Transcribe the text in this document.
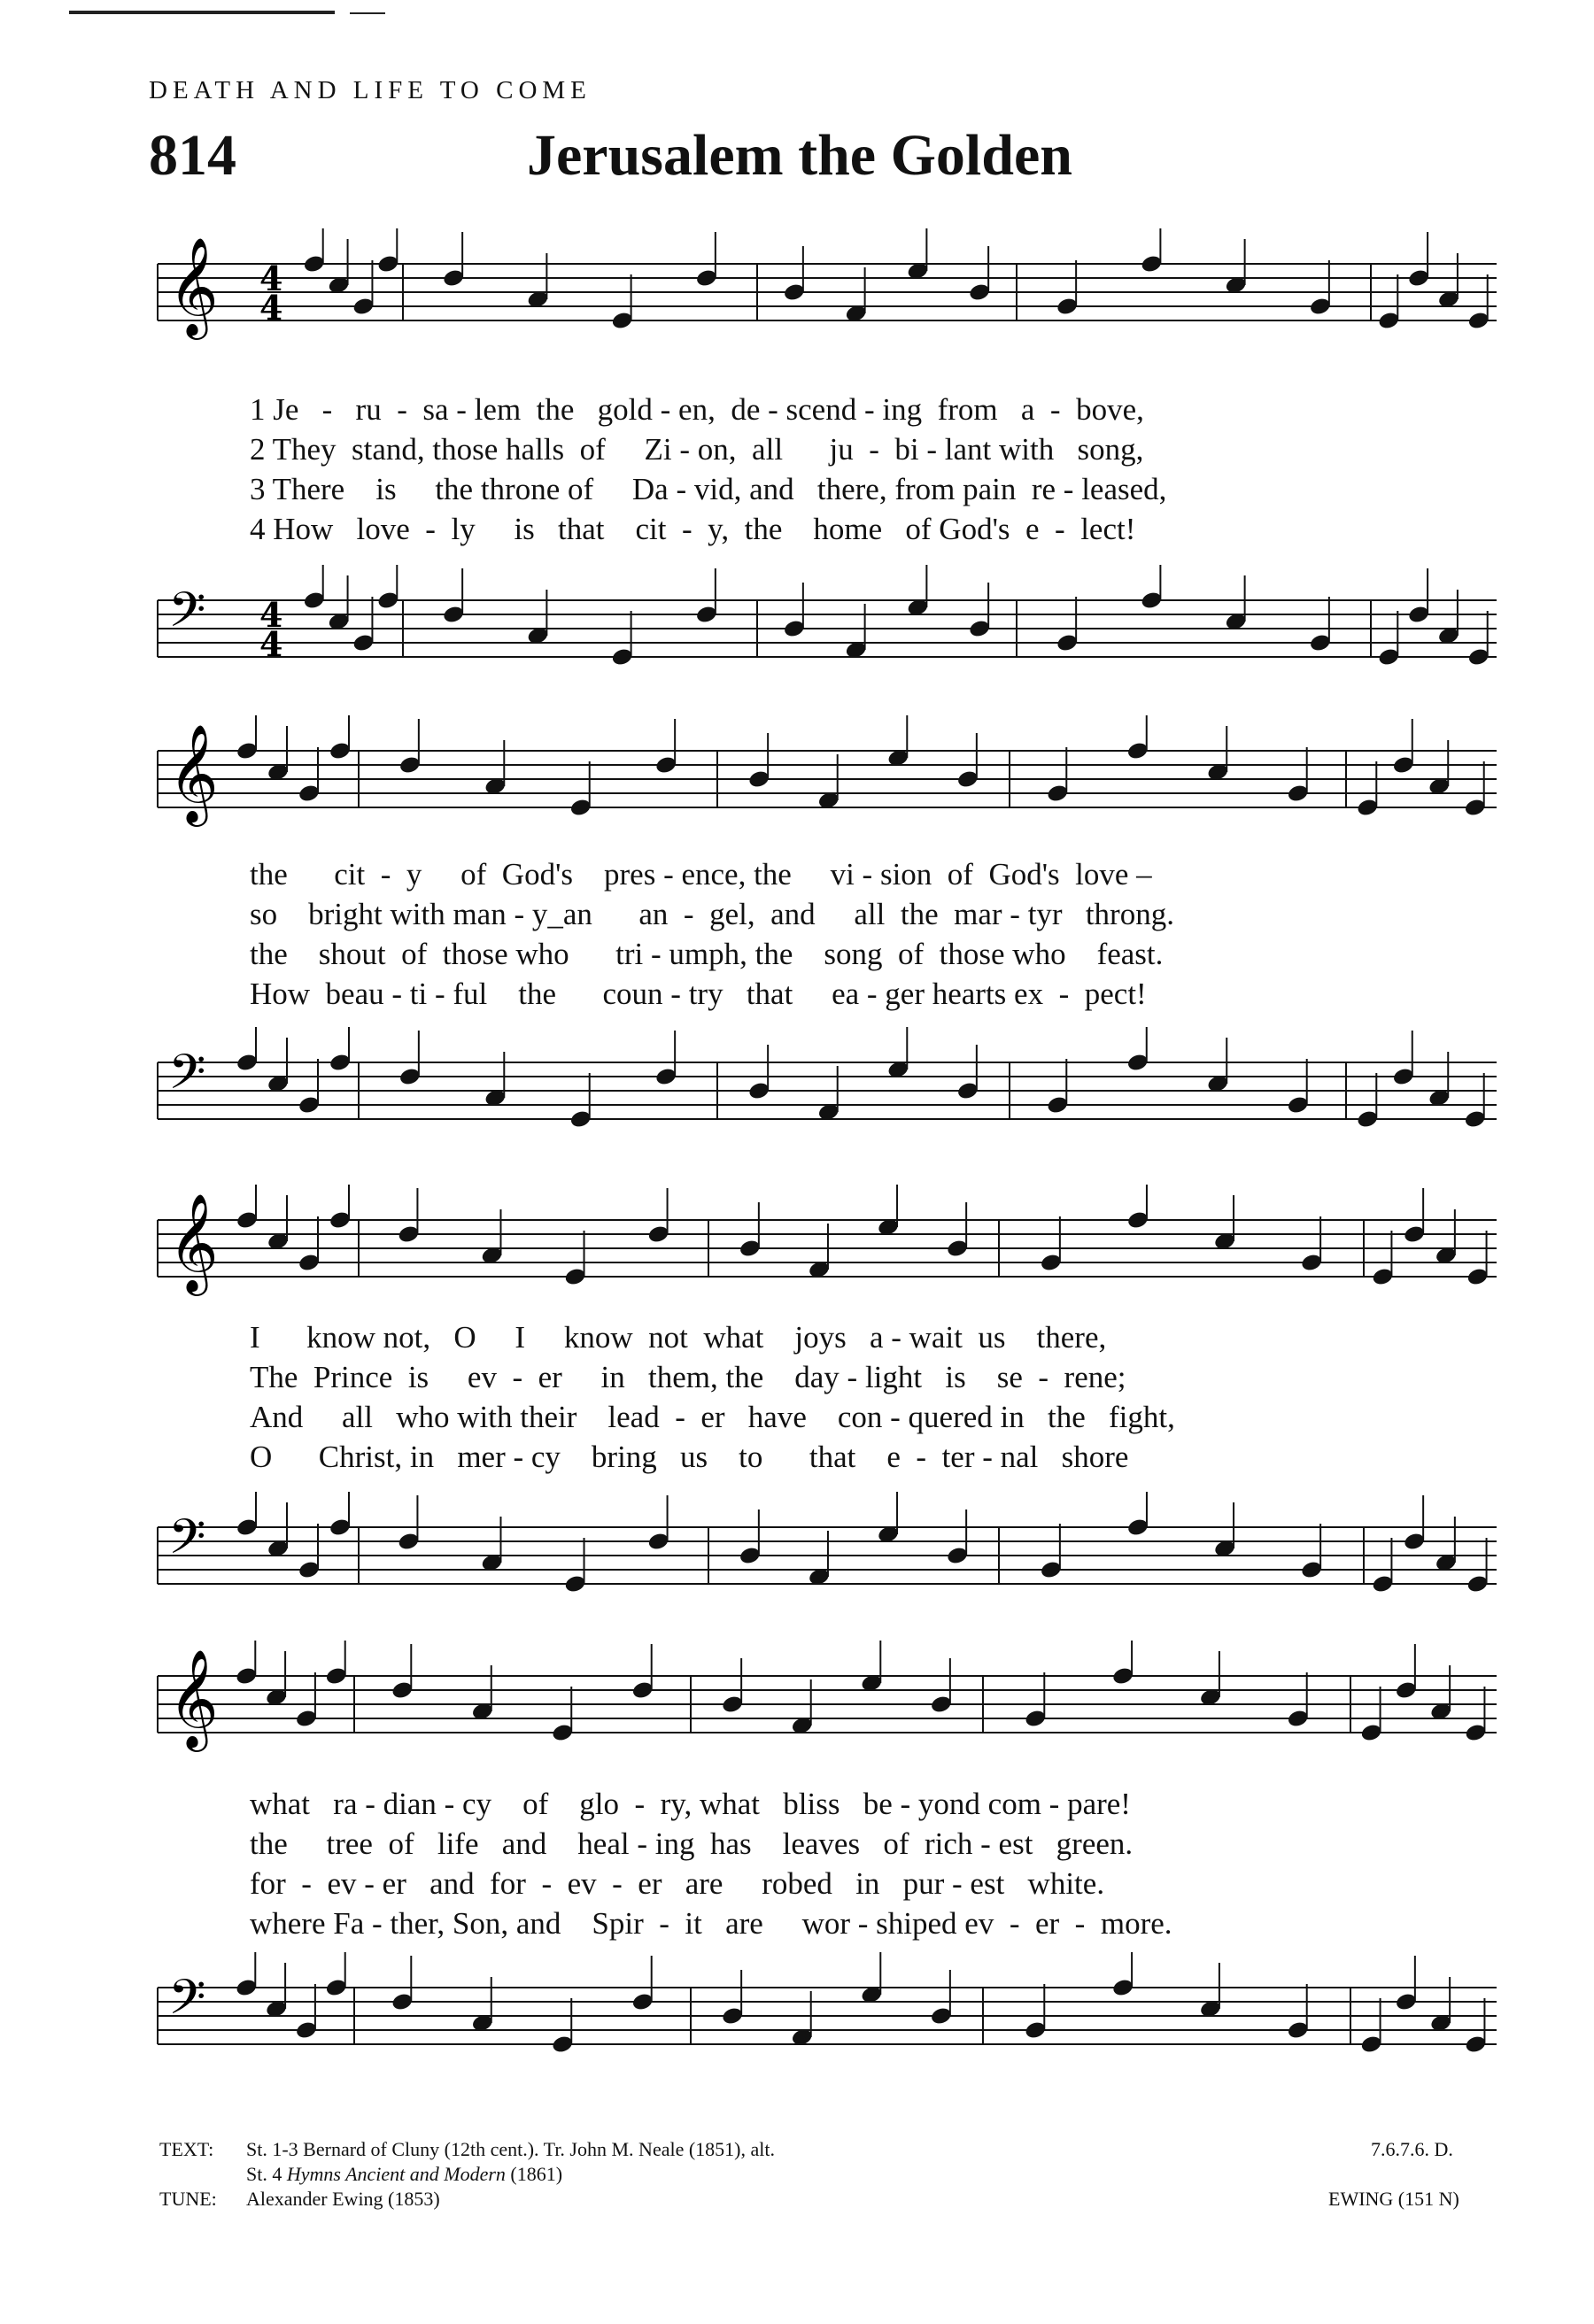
DEATH AND LIFE TO COME
814	Jerusalem the Golden
𝄞 4
4
1 Je   -   ru  -  sa - lem  the   gold - en,  de - scend - ing  from   a  -  bove,
2 They  stand, those halls  of     Zi - on,  all      ju  -  bi - lant with   song,
3 There    is     the throne of     Da - vid, and   there, from pain  re - leased,
4 How   love  -  ly     is   that    cit  -  y,  the    home   of God's  e  -  lect!
𝄢 4
4
𝄞
the      cit  -  y     of  God's    pres - ence, the     vi - sion  of  God's  love –
so    bright with man - y_an      an  -  gel,  and     all  the  mar - tyr   throng.
the    shout  of  those who      tri - umph, the    song  of  those who    feast.
How  beau - ti - ful    the      coun - try   that     ea - ger hearts ex  -  pect!
𝄢
𝄞
I      know not,   O     I     know  not  what    joys   a - wait  us    there,
The  Prince  is     ev  -  er     in   them, the    day - light   is    se  -  rene;
And     all   who with their    lead  -  er   have    con - quered in   the   fight,
O      Christ, in   mer - cy    bring   us    to      that    e  -  ter - nal   shore
𝄢
𝄞
what   ra - dian - cy    of    glo  -  ry, what   bliss   be - yond com - pare!
the     tree  of   life   and    heal - ing  has    leaves   of  rich - est   green.
for  -  ev - er   and  for  -  ev  -  er   are     robed   in   pur - est   white.
where Fa - ther, Son, and    Spir  -  it   are     wor - shiped ev  -  er  -  more.
𝄢
TEXT: St. 1-3 Bernard of Cluny (12th cent.). Tr. John M. Neale (1851), alt.
St. 4 Hymns Ancient and Modern (1861)
TUNE: Alexander Ewing (1853)
7.6.7.6. D.
EWING (151 N)
